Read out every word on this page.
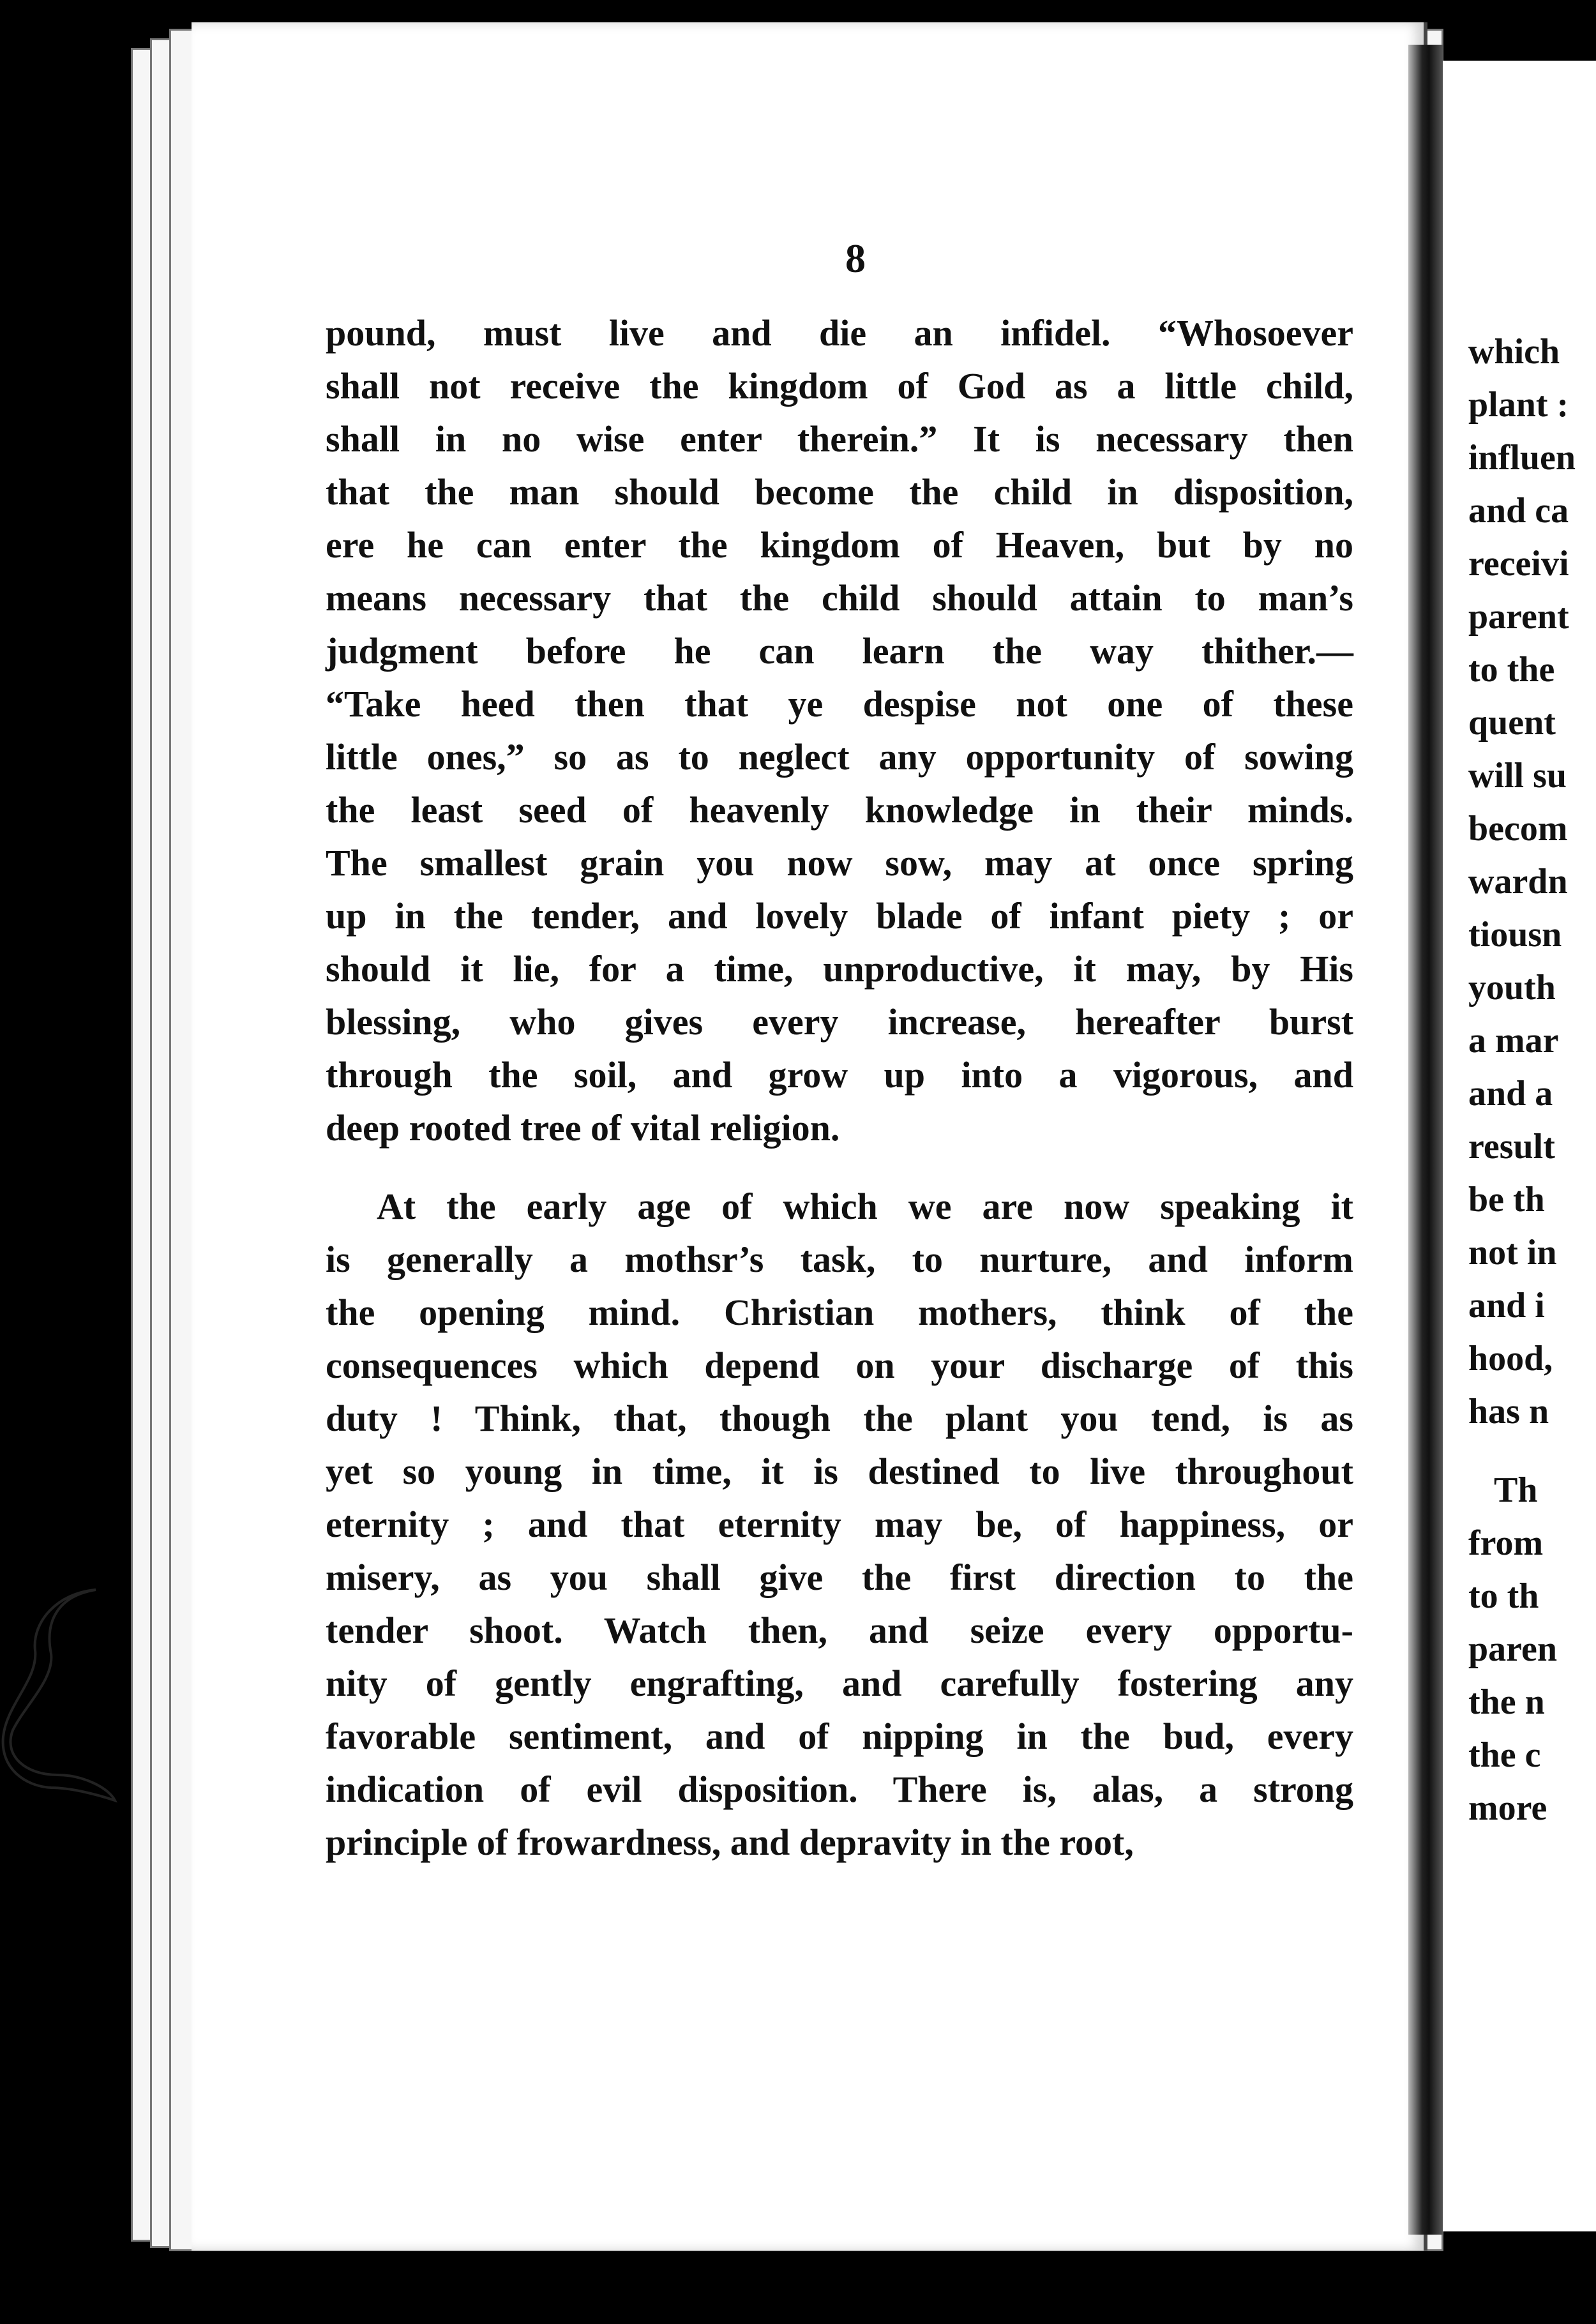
8
pound, must live and die an infidel. “Whosoever
shall not receive the kingdom of God as a little child,
shall in no wise enter therein.” It is necessary then
that the man should become the child in disposition,
ere he can enter the kingdom of Heaven, but by no
means necessary that the child should attain to man’s
judgment before he can learn the way thither.—
“Take heed then that ye despise not one of these
little ones,” so as to neglect any opportunity of sowing
the least seed of heavenly knowledge in their minds.
The smallest grain you now sow, may at once spring
up in the tender, and lovely blade of infant piety ; or
should it lie, for a time, unproductive, it may, by His
blessing, who gives every increase, hereafter burst
through the soil, and grow up into a vigorous, and
deep rooted tree of vital religion.
At the early age of which we are now speaking it
is generally a mothsr’s task, to nurture, and inform
the opening mind. Christian mothers, think of the
consequences which depend on your discharge of this
duty ! Think, that, though the plant you tend, is as
yet so young in time, it is destined to live throughout
eternity ; and that eternity may be, of happiness, or
misery, as you shall give the first direction to the
tender shoot. Watch then, and seize every opportu-
nity of gently engrafting, and carefully fostering any
favorable sentiment, and of nipping in the bud, every
indication of evil disposition. There is, alas, a strong
principle of frowardness, and depravity in the root,
which
plant :
influen
and ca
receivi
parent
to the
quent
will su
becom
wardn
tiousn
youth
a mar
and a
result
be th
not in
and i
hood,
has n
Th
from
to th
paren
the n
the c
more
